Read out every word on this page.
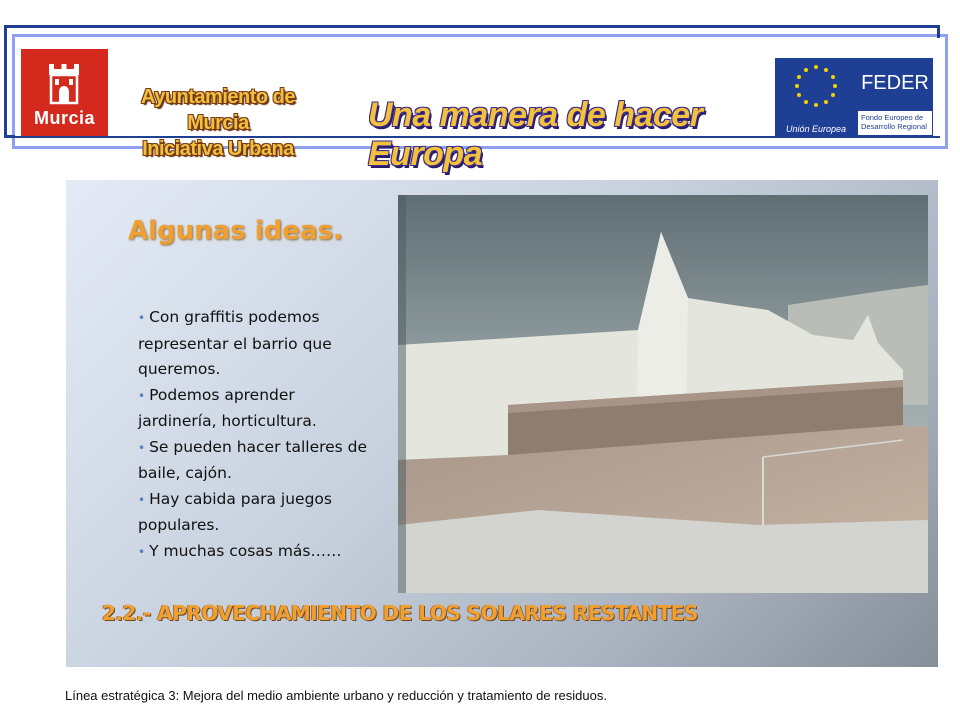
Murcia
Ayuntamiento de Murcia
Iniciativa Urbana
Una manera de hacer Europa
Unión Europea
FEDER
Fondo Europeo de Desarrollo Regional
Algunas ideas.
• Con graffitis podemos representar el barrio que queremos.
• Podemos aprender jardinería, horticultura.
• Se pueden hacer talleres de baile, cajón.
• Hay cabida para juegos populares.
• Y muchas cosas más……
2.2.- APROVECHAMIENTO DE LOS SOLARES RESTANTES
Línea estratégica 3: Mejora del medio ambiente urbano y reducción y tratamiento de residuos.
